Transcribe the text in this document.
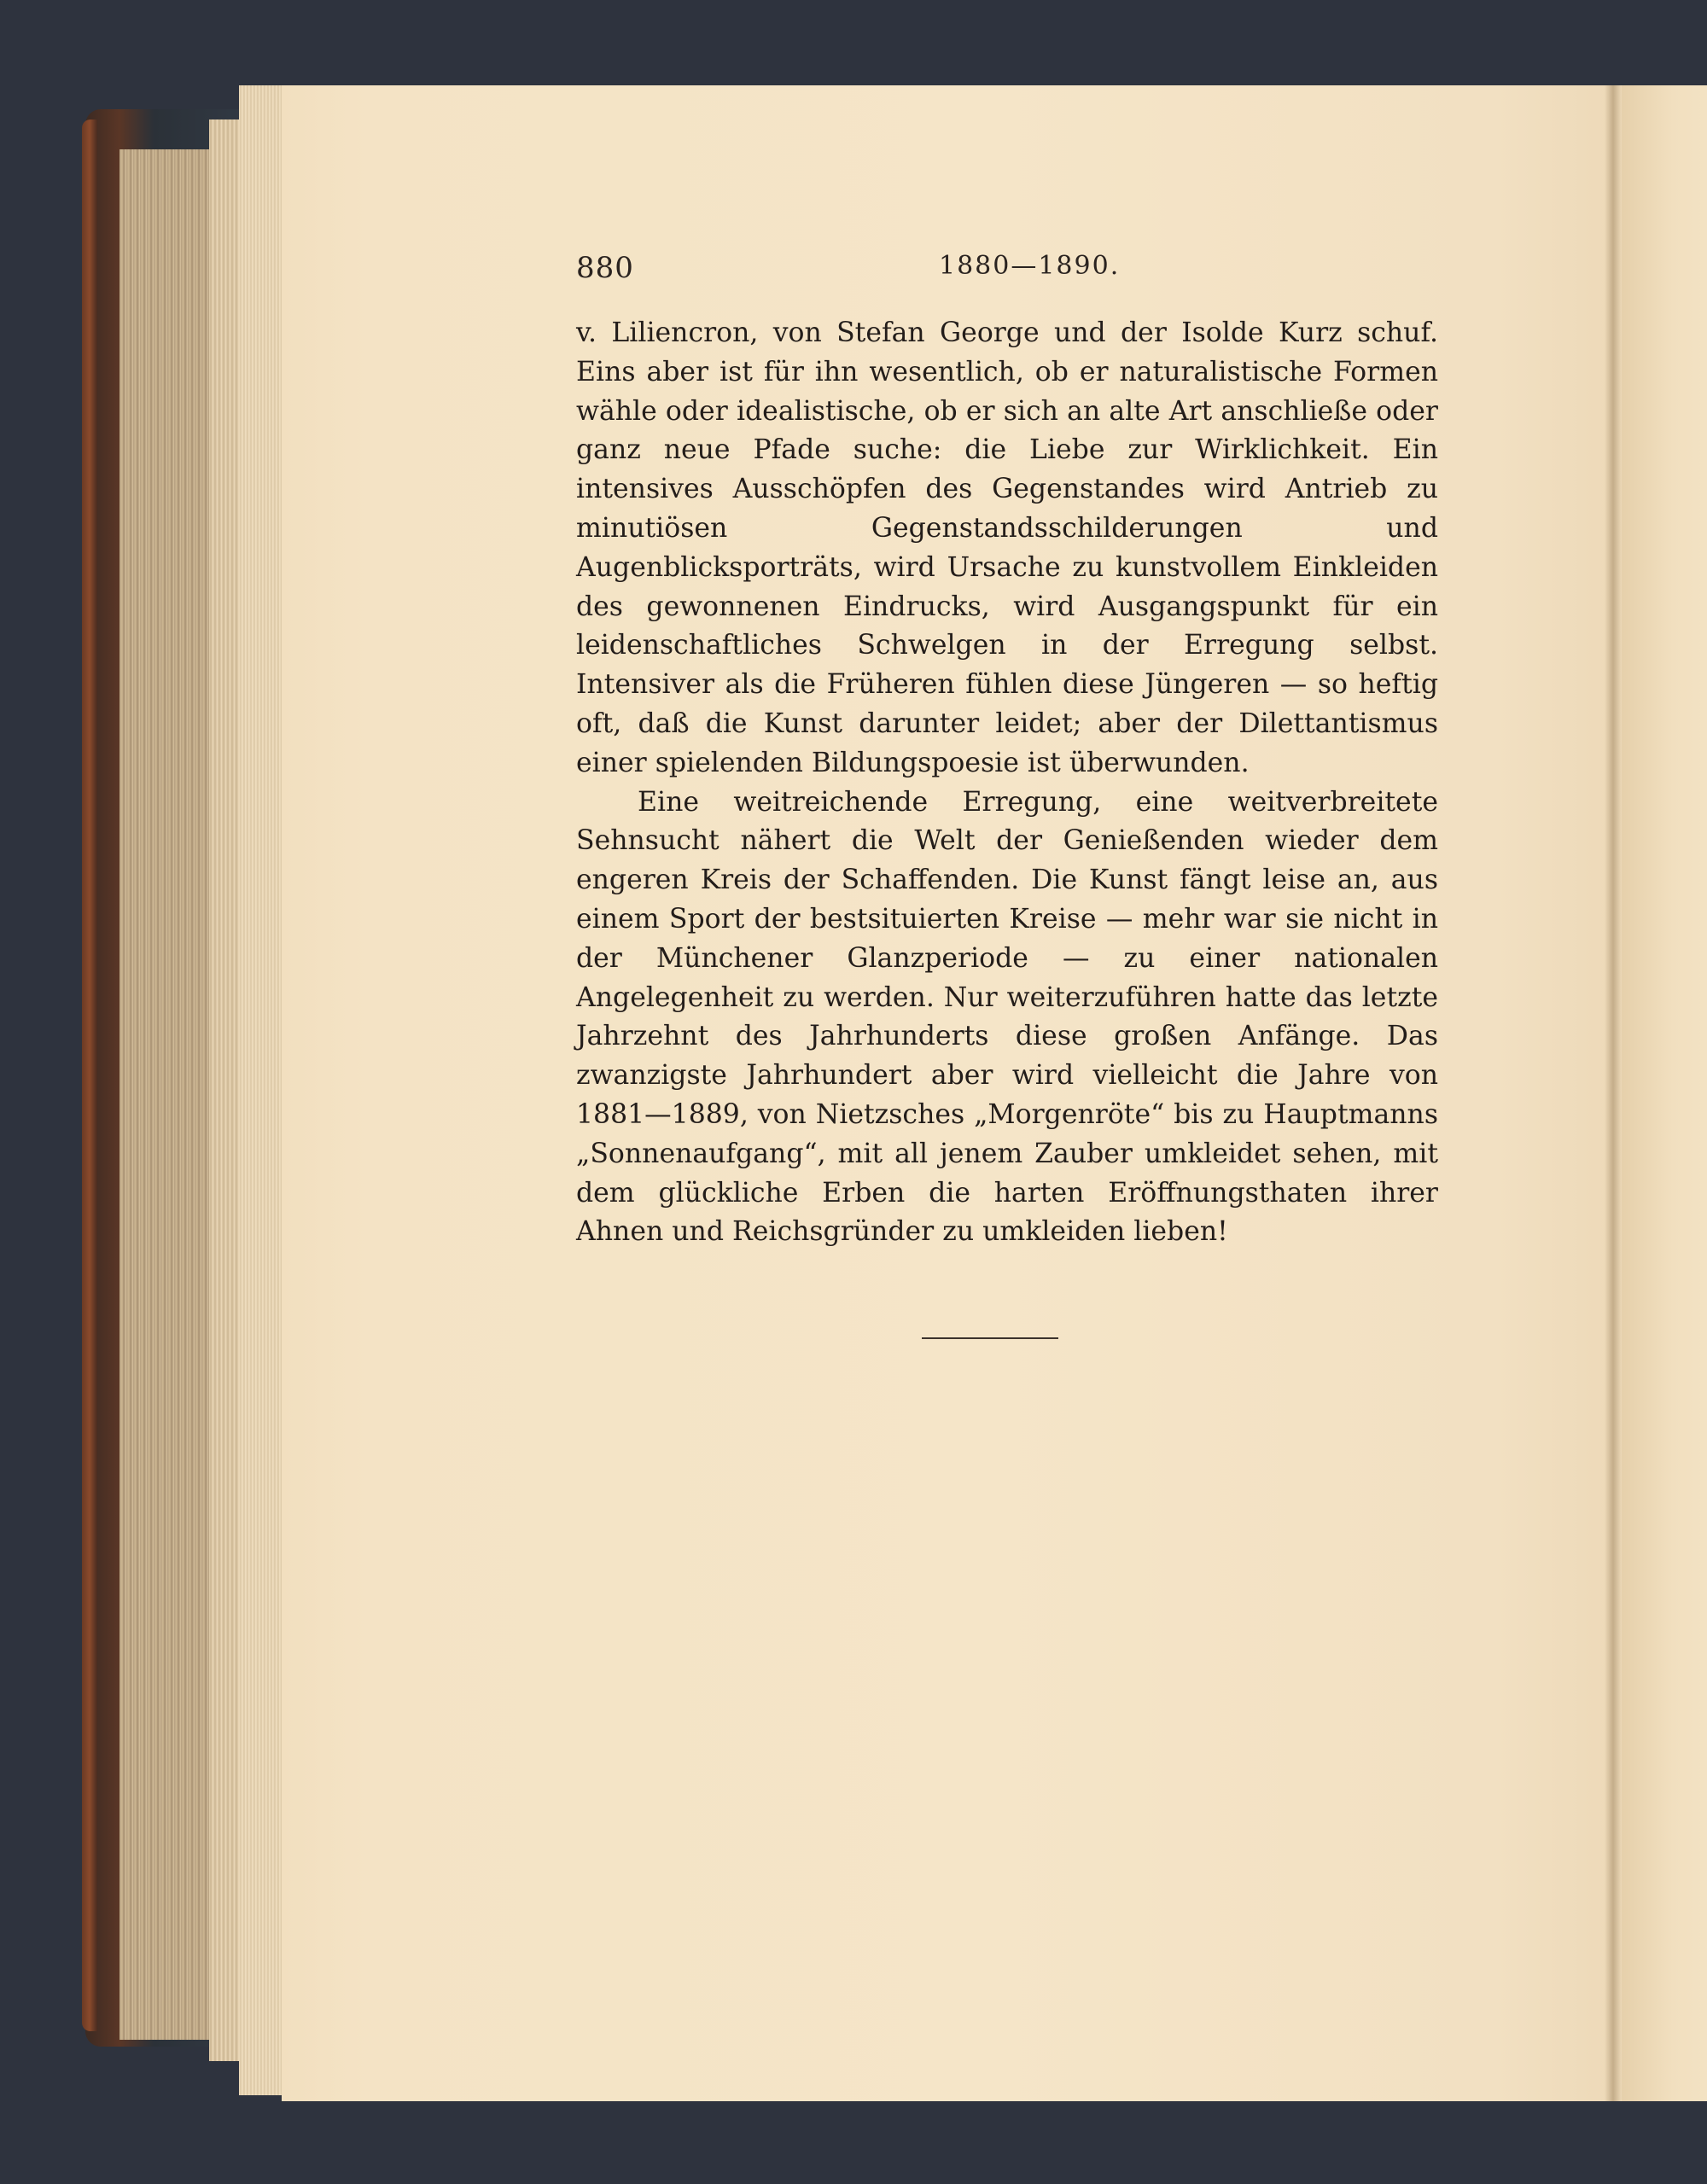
880	1880—1890.

v. Liliencron, von Stefan George und der Isolde Kurz schuf. Eins aber ist für ihn wesentlich, ob er naturalistische Formen wähle oder idealistische, ob er sich an alte Art anschließe oder ganz neue Pfade suche: die Liebe zur Wirklichkeit. Ein intensives Ausschöpfen des Gegenstandes wird Antrieb zu minutiösen Gegenstandsschilderungen und Augenblicksporträts, wird Ursache zu kunstvollem Einkleiden des gewonnenen Eindrucks, wird Ausgangspunkt für ein leidenschaftliches Schwelgen in der Erregung selbst. Intensiver als die Früheren fühlen diese Jüngeren — so heftig oft, daß die Kunst darunter leidet; aber der Dilettantismus einer spielenden Bildungspoesie ist überwunden.

Eine weitreichende Erregung, eine weitverbreitete Sehnsucht nähert die Welt der Genießenden wieder dem engeren Kreis der Schaffenden. Die Kunst fängt leise an, aus einem Sport der bestsituierten Kreise — mehr war sie nicht in der Münchener Glanzperiode — zu einer nationalen Angelegenheit zu werden. Nur weiterzuführen hatte das letzte Jahrzehnt des Jahrhunderts diese großen Anfänge. Das zwanzigste Jahrhundert aber wird vielleicht die Jahre von 1881—1889, von Nietzsches „Morgenröte“ bis zu Hauptmanns „Sonnenaufgang“, mit all jenem Zauber umkleidet sehen, mit dem glückliche Erben die harten Eröffnungsthaten ihrer Ahnen und Reichsgründer zu umkleiden lieben!
